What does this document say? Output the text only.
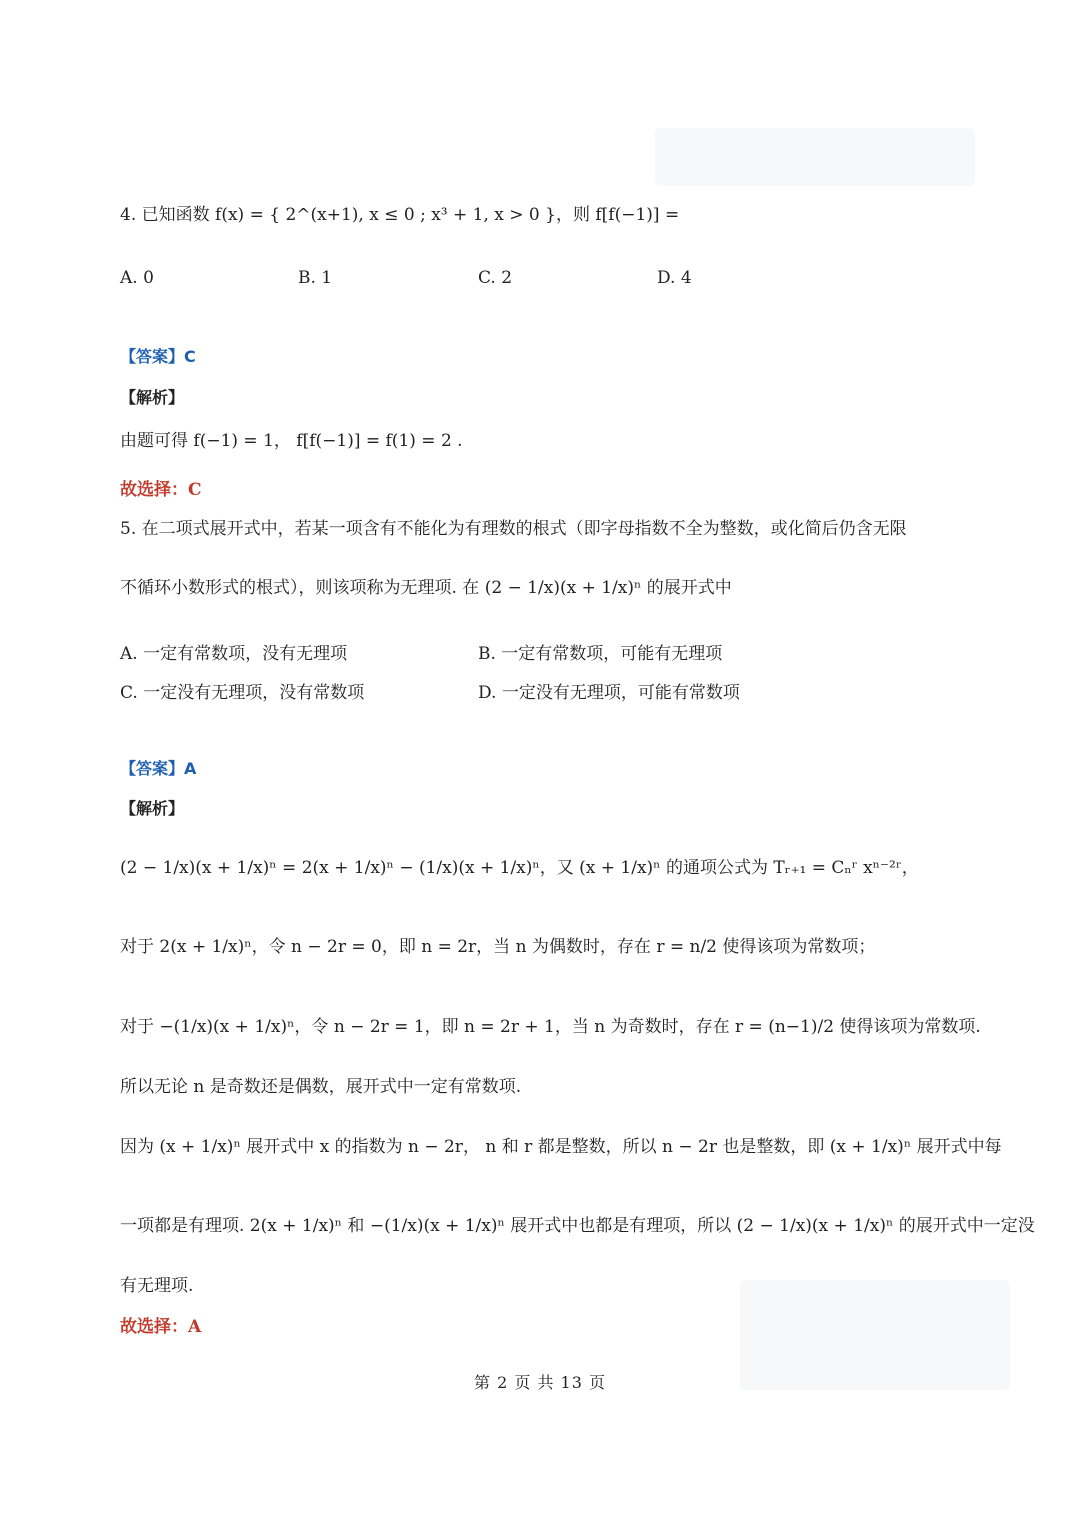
4. 已知函数 f(x) = { 2^(x+1), x ≤ 0 ; x³ + 1, x > 0 }，则 f[f(−1)] =
A. 0	B. 1	C. 2	D. 4
【答案】C
【解析】
由题可得 f(−1) = 1， f[f(−1)] = f(1) = 2 .
故选择：C
5. 在二项式展开式中，若某一项含有不能化为有理数的根式（即字母指数不全为整数，或化简后仍含无限
不循环小数形式的根式），则该项称为无理项. 在 (2 − 1/x)(x + 1/x)ⁿ 的展开式中
A. 一定有常数项，没有无理项	B. 一定有常数项，可能有无理项
C. 一定没有无理项，没有常数项	D. 一定没有无理项，可能有常数项
【答案】A
【解析】
(2 − 1/x)(x + 1/x)ⁿ = 2(x + 1/x)ⁿ − (1/x)(x + 1/x)ⁿ，又 (x + 1/x)ⁿ 的通项公式为 Tᵣ₊₁ = Cₙʳ xⁿ⁻²ʳ，
对于 2(x + 1/x)ⁿ，令 n − 2r = 0，即 n = 2r，当 n 为偶数时，存在 r = n/2 使得该项为常数项；
对于 −(1/x)(x + 1/x)ⁿ，令 n − 2r = 1，即 n = 2r + 1，当 n 为奇数时，存在 r = (n−1)/2 使得该项为常数项.
所以无论 n 是奇数还是偶数，展开式中一定有常数项.
因为 (x + 1/x)ⁿ 展开式中 x 的指数为 n − 2r， n 和 r 都是整数，所以 n − 2r 也是整数，即 (x + 1/x)ⁿ 展开式中每
一项都是有理项. 2(x + 1/x)ⁿ 和 −(1/x)(x + 1/x)ⁿ 展开式中也都是有理项，所以 (2 − 1/x)(x + 1/x)ⁿ 的展开式中一定没
有无理项.
故选择：A
第 2 页 共 13 页
